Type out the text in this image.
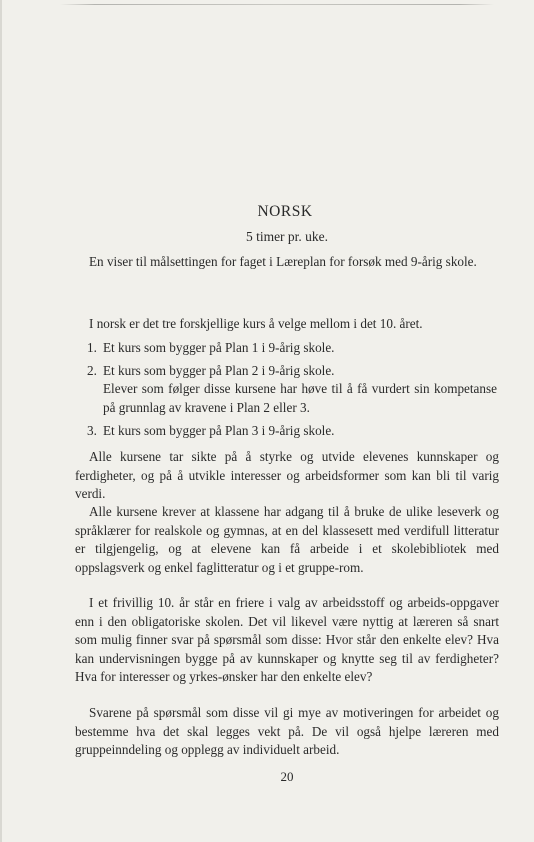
NORSK
5 timer pr. uke.

En viser til målsettingen for faget i Læreplan for forsøk med 9-årig skole.

I norsk er det tre forskjellige kurs å velge mellom i det 10. året.

1. Et kurs som bygger på Plan 1 i 9-årig skole.
2. Et kurs som bygger på Plan 2 i 9-årig skole.

Elever som følger disse kursene har høve til å få vurdert sin kompetanse på grunnlag av kravene i Plan 2 eller 3.

3. Et kurs som bygger på Plan 3 i 9-årig skole.

Alle kursene tar sikte på å styrke og utvide elevenes kunnskaper og ferdigheter, og på å utvikle interesser og arbeidsformer som kan bli til varig verdi.

Alle kursene krever at klassene har adgang til å bruke de ulike leseverk og språklærer for realskole og gymnas, at en del klassesett med verdifull litteratur er tilgjengelig, og at elevene kan få arbeide i et skolebibliotek med oppslagsverk og enkel faglitteratur og i et gruppe-rom.

I et frivillig 10. år står en friere i valg av arbeidsstoff og arbeids-oppgaver enn i den obligatoriske skolen. Det vil likevel være nyttig at læreren så snart som mulig finner svar på spørsmål som disse: Hvor står den enkelte elev? Hva kan undervisningen bygge på av kunnskaper og knytte seg til av ferdigheter? Hva for interesser og yrkes-ønsker har den enkelte elev?

Svarene på spørsmål som disse vil gi mye av motiveringen for arbeidet og bestemme hva det skal legges vekt på. De vil også hjelpe læreren med gruppeinndeling og opplegg av individuelt arbeid.

20
